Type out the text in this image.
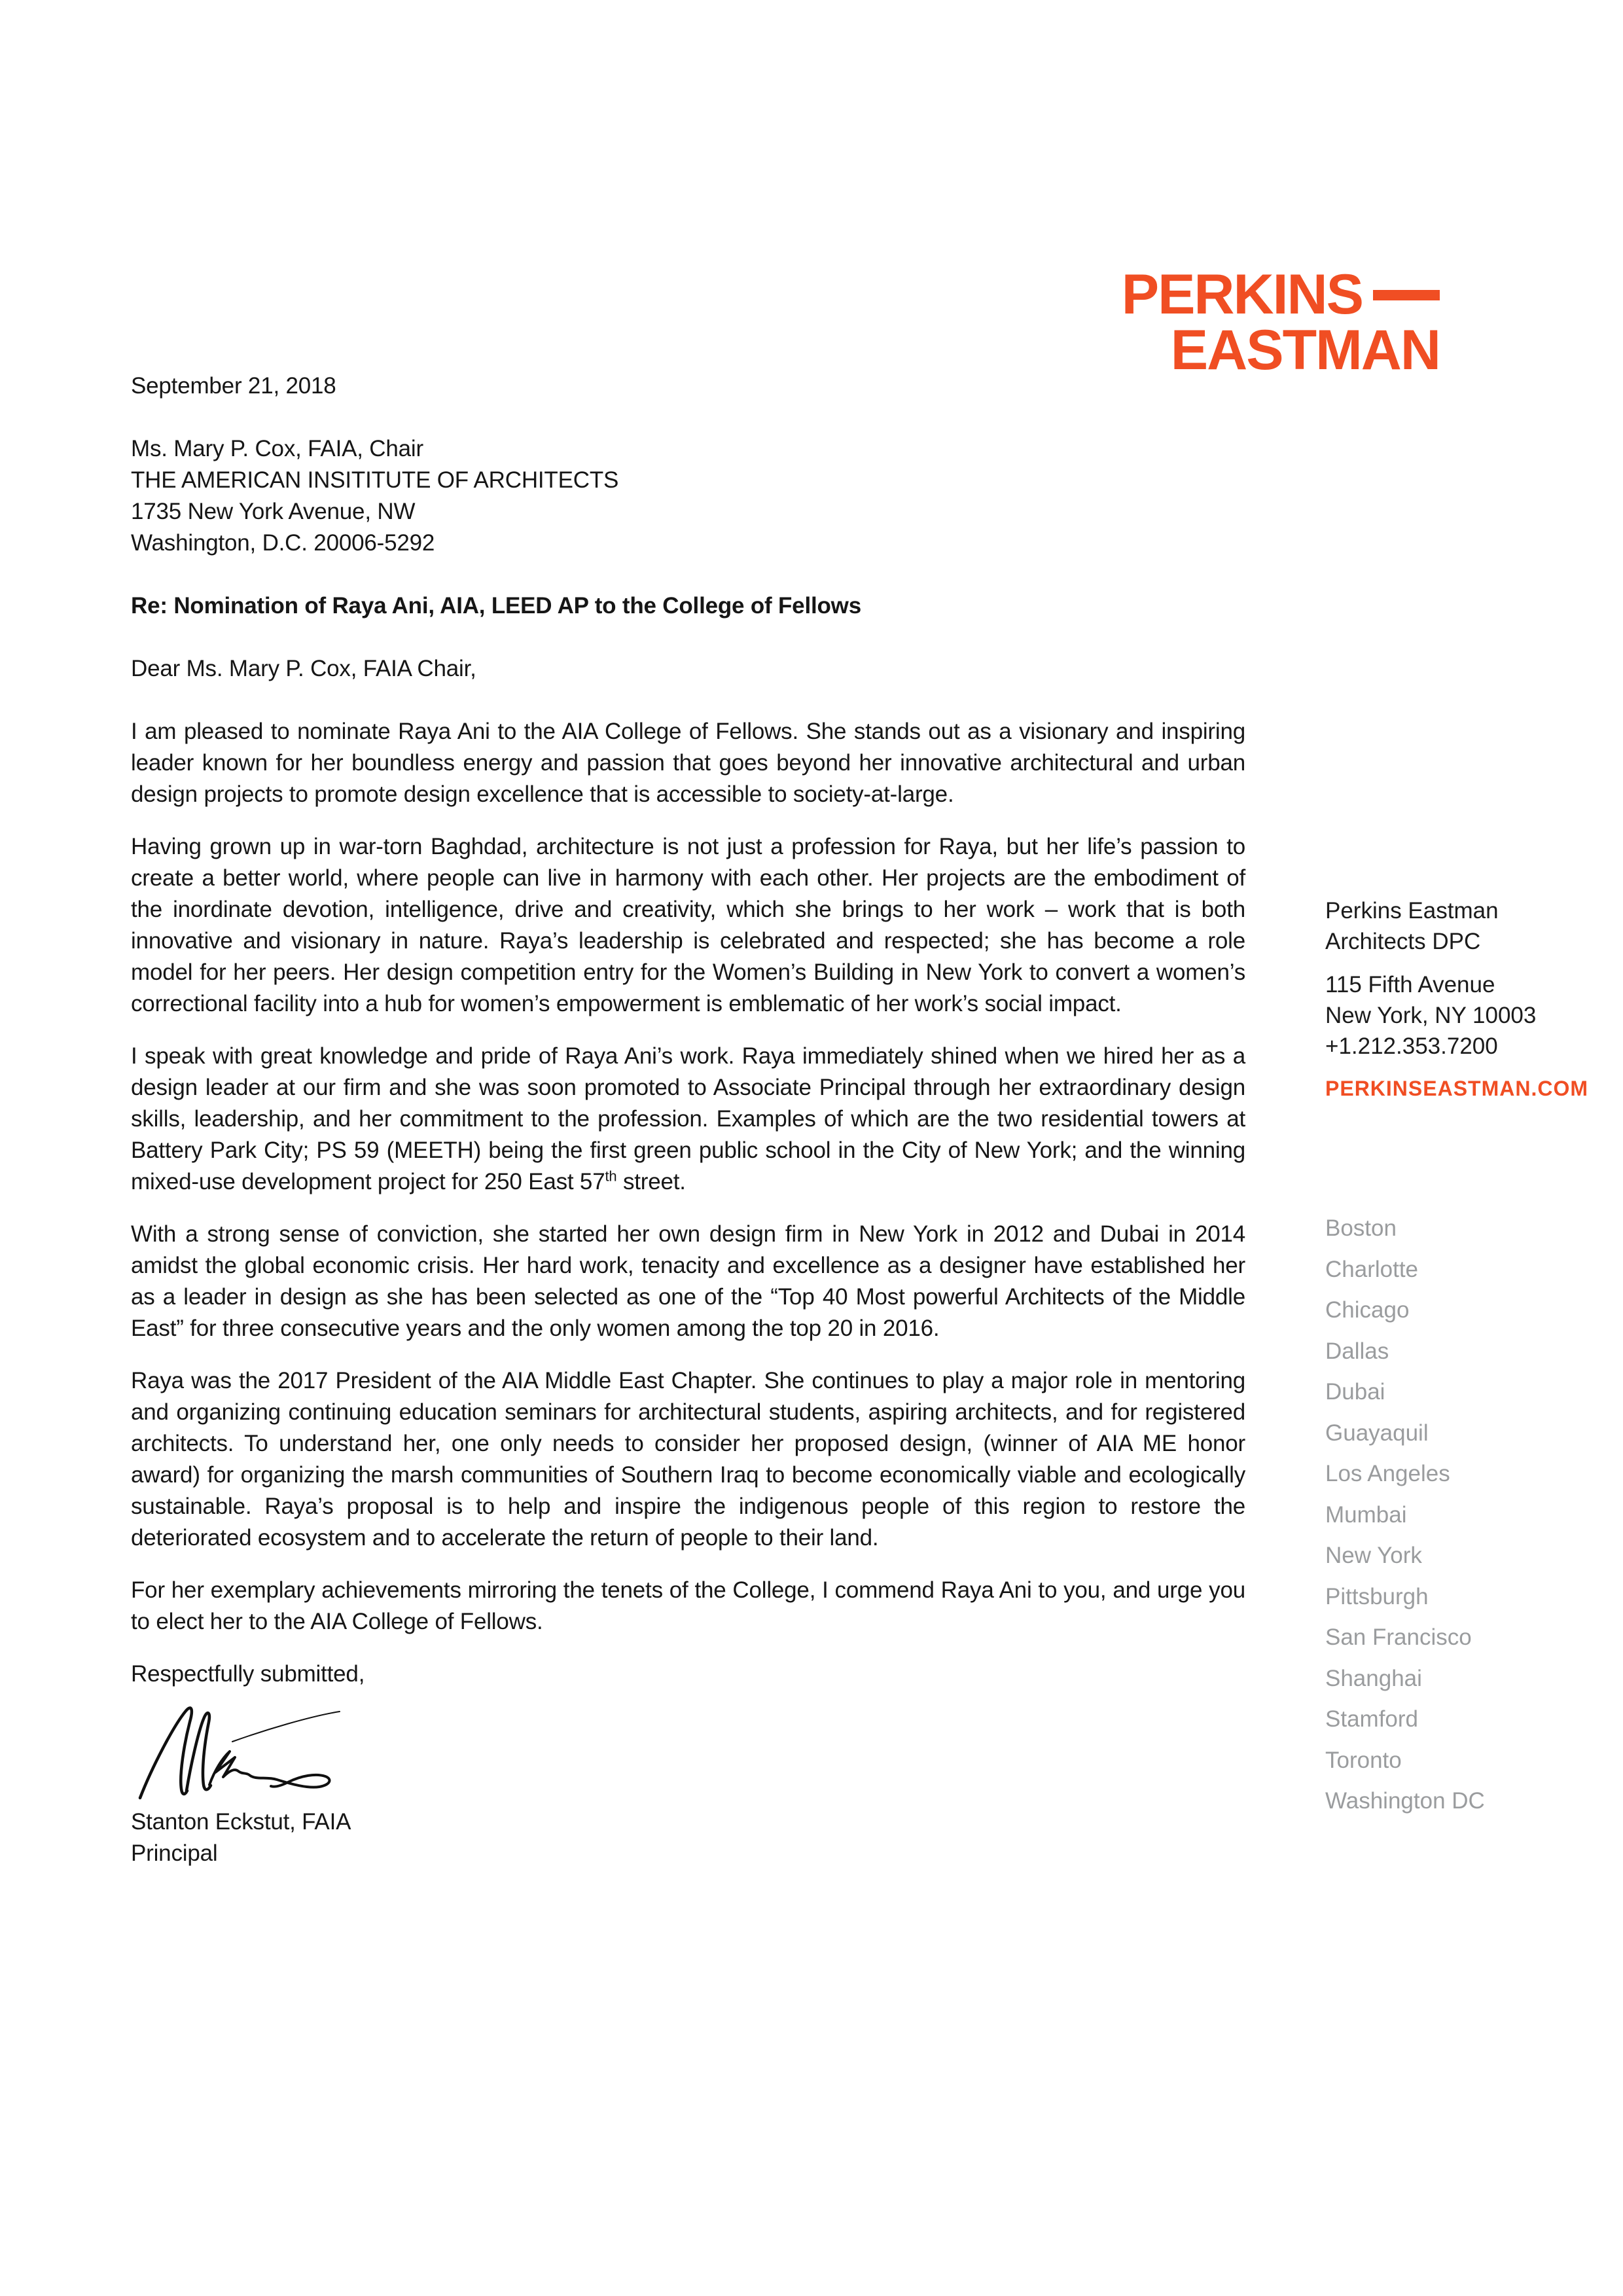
PERKINS
EASTMAN

September 21, 2018

Ms. Mary P. Cox, FAIA, Chair

THE AMERICAN INSITITUTE OF ARCHITECTS

1735 New York Avenue, NW

Washington, D.C. 20006-5292

Re: Nomination of Raya Ani, AIA, LEED AP to the College of Fellows

Dear Ms. Mary P. Cox, FAIA Chair,

I am pleased to nominate Raya Ani to the AIA College of Fellows. She stands out as a visionary and inspiring leader known for her boundless energy and passion that goes beyond her innovative architectural and urban design projects to promote design excellence that is accessible to society-at-large.

Having grown up in war-torn Baghdad, architecture is not just a profession for Raya, but her life’s passion to create a better world, where people can live in harmony with each other. Her projects are the embodiment of the inordinate devotion, intelligence, drive and creativity, which she brings to her work – work that is both innovative and visionary in nature. Raya’s leadership is celebrated and respected; she has become a role model for her peers. Her design competition entry for the Women’s Building in New York to convert a women’s correctional facility into a hub for women’s empowerment is emblematic of her work’s social impact.

I speak with great knowledge and pride of Raya Ani’s work. Raya immediately shined when we hired her as a design leader at our firm and she was soon promoted to Associate Principal through her extraordinary design skills, leadership, and her commitment to the profession. Examples of which are the two residential towers at Battery Park City; PS 59 (MEETH) being the first green public school in the City of New York; and the winning mixed-use development project for 250 East 57th street.

With a strong sense of conviction, she started her own design firm in New York in 2012 and Dubai in 2014 amidst the global economic crisis. Her hard work, tenacity and excellence as a designer have established her as a leader in design as she has been selected as one of the “Top 40 Most powerful Architects of the Middle East” for three consecutive years and the only women among the top 20 in 2016.

Raya was the 2017 President of the AIA Middle East Chapter. She continues to play a major role in mentoring and organizing continuing education seminars for architectural students, aspiring architects, and for registered architects. To understand her, one only needs to consider her proposed design, (winner of AIA ME honor award) for organizing the marsh communities of Southern Iraq to become economically viable and ecologically sustainable. Raya’s proposal is to help and inspire the indigenous people of this region to restore the deteriorated ecosystem and to accelerate the return of people to their land.

For her exemplary achievements mirroring the tenets of the College, I commend Raya Ani to you, and urge you to elect her to the AIA College of Fellows.

Respectfully submitted,

Stanton Eckstut, FAIA

Principal

Perkins Eastman

Architects DPC

115 Fifth Avenue

New York, NY 10003

+1.212.353.7200

PERKINSEASTMAN.COM
Boston
Charlotte
Chicago
Dallas
Dubai
Guayaquil
Los Angeles
Mumbai
New York
Pittsburgh
San Francisco
Shanghai
Stamford
Toronto
Washington DC
